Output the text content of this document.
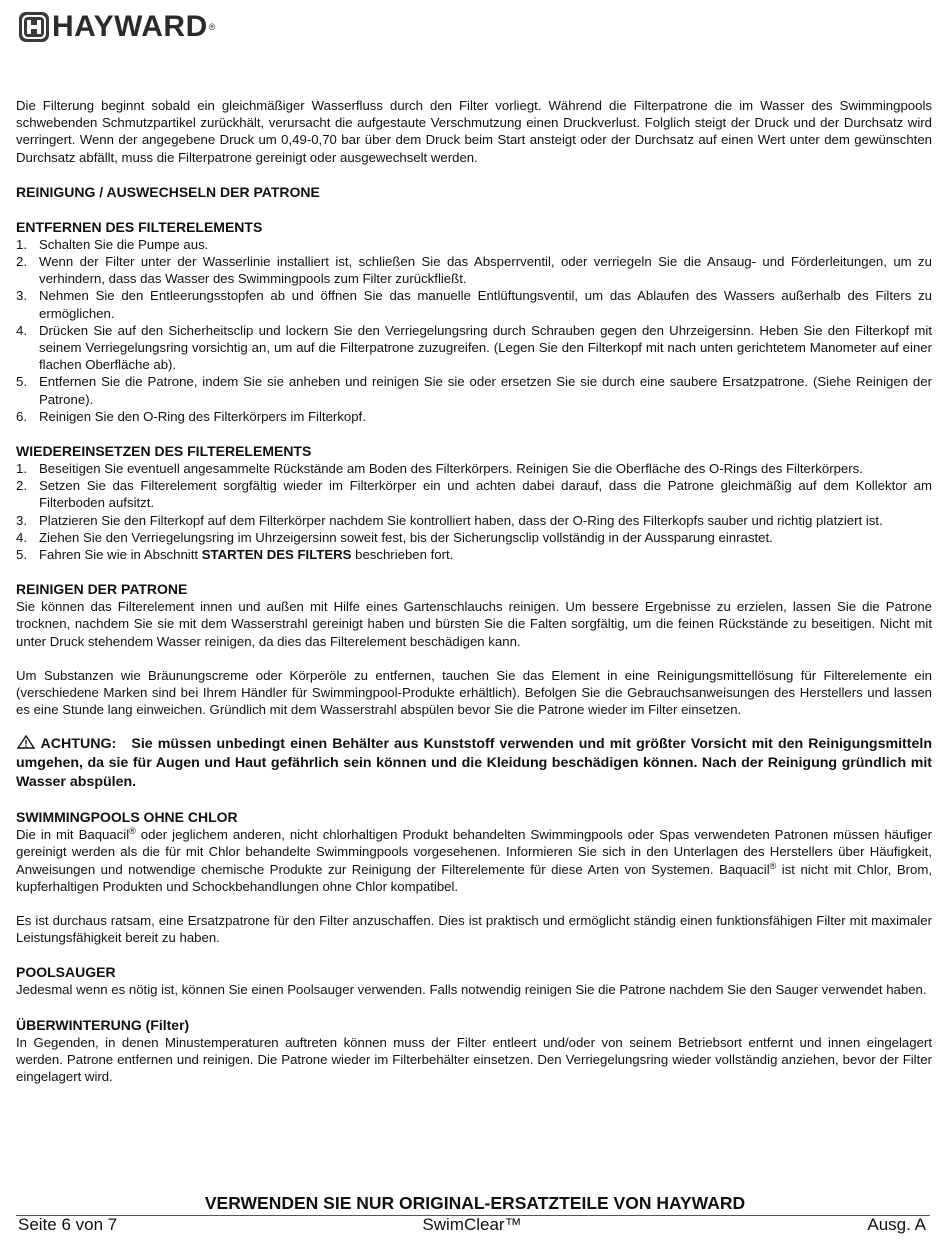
HAYWARD ®

Die Filterung beginnt sobald ein gleichmäßiger Wasserfluss durch den Filter vorliegt. Während die Filterpatrone die im Wasser des Swimmingpools schwebenden Schmutzpartikel zurückhält, verursacht die aufgestaute Verschmutzung einen Druckverlust. Folglich steigt der Druck und der Durchsatz wird verringert. Wenn der angegebene Druck um 0,49-0,70 bar über dem Druck beim Start ansteigt oder der Durchsatz auf einen Wert unter dem gewünschten Durchsatz abfällt, muss die Filterpatrone gereinigt oder ausgewechselt werden.

REINIGUNG / AUSWECHSELN DER PATRONE
ENTFERNEN DES FILTERELEMENTS
1. Schalten Sie die Pumpe aus.
2. Wenn der Filter unter der Wasserlinie installiert ist, schließen Sie das Absperrventil, oder verriegeln Sie die Ansaug- und Förderleitungen, um zu verhindern, dass das Wasser des Swimmingpools zum Filter zurückfließt.
3. Nehmen Sie den Entleerungsstopfen ab und öffnen Sie das manuelle Entlüftungsventil, um das Ablaufen des Wassers außerhalb des Filters zu ermöglichen.
4. Drücken Sie auf den Sicherheitsclip und lockern Sie den Verriegelungsring durch Schrauben gegen den Uhrzeigersinn. Heben Sie den Filterkopf mit seinem Verriegelungsring vorsichtig an, um auf die Filterpatrone zuzugreifen. (Legen Sie den Filterkopf mit nach unten gerichtetem Manometer auf einer flachen Oberfläche ab).
5. Entfernen Sie die Patrone, indem Sie sie anheben und reinigen Sie sie oder ersetzen Sie sie durch eine saubere Ersatzpatrone. (Siehe Reinigen der Patrone).
6. Reinigen Sie den O-Ring des Filterkörpers im Filterkopf.
WIEDEREINSETZEN DES FILTERELEMENTS
1. Beseitigen Sie eventuell angesammelte Rückstände am Boden des Filterkörpers. Reinigen Sie die Oberfläche des O-Rings des Filterkörpers.
2. Setzen Sie das Filterelement sorgfältig wieder im Filterkörper ein und achten dabei darauf, dass die Patrone gleichmäßig auf dem Kollektor am Filterboden aufsitzt.
3. Platzieren Sie den Filterkopf auf dem Filterkörper nachdem Sie kontrolliert haben, dass der O-Ring des Filterkopfs sauber und richtig platziert ist.
4. Ziehen Sie den Verriegelungsring im Uhrzeigersinn soweit fest, bis der Sicherungsclip vollständig in der Aussparung einrastet.
5. Fahren Sie wie in Abschnitt STARTEN DES FILTERS beschrieben fort.
REINIGEN DER PATRONE

Sie können das Filterelement innen und außen mit Hilfe eines Gartenschlauchs reinigen. Um bessere Ergebnisse zu erzielen, lassen Sie die Patrone trocknen, nachdem Sie sie mit dem Wasserstrahl gereinigt haben und bürsten Sie die Falten sorgfältig, um die feinen Rückstände zu beseitigen. Nicht mit unter Druck stehendem Wasser reinigen, da dies das Filterelement beschädigen kann.

Um Substanzen wie Bräunungscreme oder Körperöle zu entfernen, tauchen Sie das Element in eine Reinigungsmittellösung für Filterelemente ein (verschiedene Marken sind bei Ihrem Händler für Swimmingpool-Produkte erhältlich). Befolgen Sie die Gebrauchsanweisungen des Herstellers und lassen es eine Stunde lang einweichen. Gründlich mit dem Wasserstrahl abspülen bevor Sie die Patrone wieder im Filter einsetzen.

ACHTUNG: Sie müssen unbedingt einen Behälter aus Kunststoff verwenden und mit größter Vorsicht mit den Reinigungsmitteln umgehen, da sie für Augen und Haut gefährlich sein können und die Kleidung beschädigen können. Nach der Reinigung gründlich mit Wasser abspülen.

SWIMMINGPOOLS OHNE CHLOR

Die in mit Baquacil® oder jeglichem anderen, nicht chlorhaltigen Produkt behandelten Swimmingpools oder Spas verwendeten Patronen müssen häufiger gereinigt werden als die für mit Chlor behandelte Swimmingpools vorgesehenen. Informieren Sie sich in den Unterlagen des Herstellers über Häufigkeit, Anweisungen und notwendige chemische Produkte zur Reinigung der Filterelemente für diese Arten von Systemen. Baquacil® ist nicht mit Chlor, Brom, kupferhaltigen Produkten und Schockbehandlungen ohne Chlor kompatibel.

Es ist durchaus ratsam, eine Ersatzpatrone für den Filter anzuschaffen. Dies ist praktisch und ermöglicht ständig einen funktionsfähigen Filter mit maximaler Leistungsfähigkeit bereit zu haben.

POOLSAUGER

Jedesmal wenn es nötig ist, können Sie einen Poolsauger verwenden. Falls notwendig reinigen Sie die Patrone nachdem Sie den Sauger verwendet haben.

ÜBERWINTERUNG (Filter)

In Gegenden, in denen Minustemperaturen auftreten können muss der Filter entleert und/oder von seinem Betriebsort entfernt und innen eingelagert werden. Patrone entfernen und reinigen. Die Patrone wieder im Filterbehälter einsetzen. Den Verriegelungsring wieder vollständig anziehen, bevor der Filter eingelagert wird.

VERWENDEN SIE NUR ORIGINAL-ERSATZTEILE VON HAYWARD
Seite 6 von 7	SwimClear™	Ausg. A
